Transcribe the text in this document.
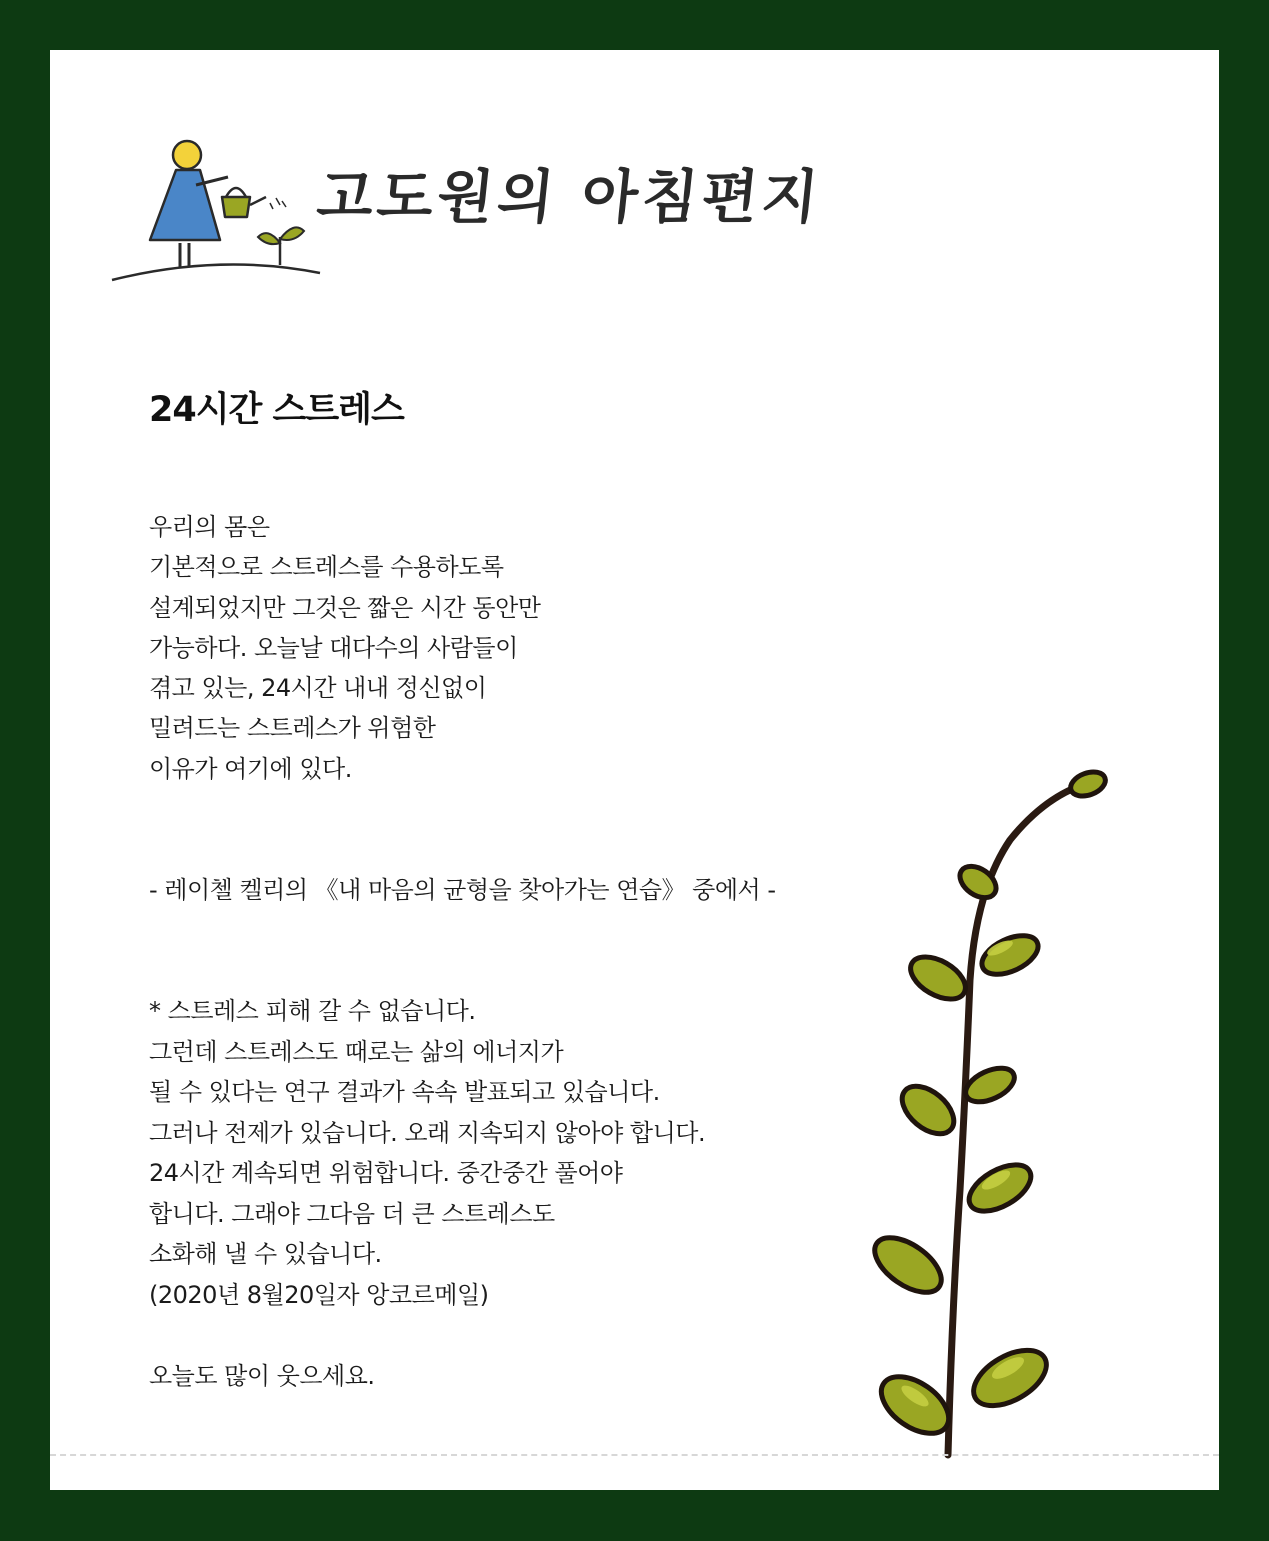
고도원의 아침편지
24시간 스트레스
우리의 몸은
기본적으로 스트레스를 수용하도록
설계되었지만 그것은 짧은 시간 동안만
가능하다. 오늘날 대다수의 사람들이
겪고 있는, 24시간 내내 정신없이
밀려드는 스트레스가 위험한
이유가 여기에 있다.
- 레이첼 켈리의 《내 마음의 균형을 찾아가는 연습》 중에서 -
* 스트레스 피해 갈 수 없습니다.
그런데 스트레스도 때로는 삶의 에너지가
될 수 있다는 연구 결과가 속속 발표되고 있습니다.
그러나 전제가 있습니다. 오래 지속되지 않아야 합니다.
24시간 계속되면 위험합니다. 중간중간 풀어야
합니다. 그래야 그다음 더 큰 스트레스도
소화해 낼 수 있습니다.
(2020년 8월20일자 앙코르메일)
오늘도 많이 웃으세요.
